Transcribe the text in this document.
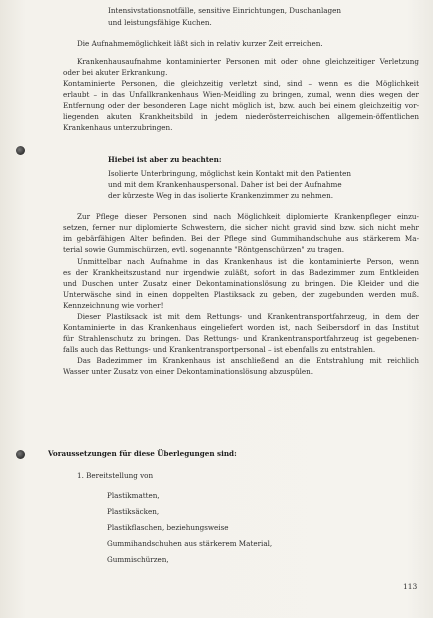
Intensivstationsnotfälle, sensitive Einrichtungen, Duschanlagen
und leistungsfähige Kuchen.
Die Aufnahmemöglichkeit läßt sich in relativ kurzer Zeit erreichen.
Krankenhausaufnahme kontaminierter Personen mit oder ohne gleichzeitiger Verletzung
oder bei akuter Erkrankung.
Kontaminierte Personen, die gleichzeitig verletzt sind, sind – wenn es die Möglichkeit
erlaubt – in das Unfallkrankenhaus Wien-Meidling zu bringen, zumal, wenn dies wegen der
Entfernung oder der besonderen Lage nicht möglich ist, bzw. auch bei einem gleichzeitig vor-
liegenden akuten Krankheitsbild in jedem niederösterreichischen allgemein-öffentlichen
Krankenhaus unterzubringen.
Hiebei ist aber zu beachten:
Isolierte Unterbringung, möglichst kein Kontakt mit den Patienten
und mit dem Krankenhauspersonal. Daher ist bei der Aufnahme
der kürzeste Weg in das isolierte Krankenzimmer zu nehmen.
Zur Pflege dieser Personen sind nach Möglichkeit diplomierte Krankenpfleger einzu-
setzen, ferner nur diplomierte Schwestern, die sicher nicht gravid sind bzw. sich nicht mehr
im gebärfähigen Alter befinden. Bei der Pflege sind Gummihandschuhe aus stärkerem Ma-
terial sowie Gummischürzen, evtl. sogenannte "Röntgenschürzen" zu tragen.
Unmittelbar nach Aufnahme in das Krankenhaus ist die kontaminierte Person, wenn
es der Krankheitszustand nur irgendwie zuläßt, sofort in das Badezimmer zum Entkleiden
und Duschen unter Zusatz einer Dekontaminationslösung zu bringen. Die Kleider und die
Unterwäsche sind in einen doppelten Plastiksack zu geben, der zugebunden werden muß.
Kennzeichnung wie vorher!
Dieser Plastiksack ist mit dem Rettungs- und Krankentransportfahrzeug, in dem der
Kontaminierte in das Krankenhaus eingeliefert worden ist, nach Seibersdorf in das Institut
für Strahlenschutz zu bringen. Das Rettungs- und Krankentransportfahrzeug ist gegebenen-
falls auch das Rettungs- und Krankentransportpersonal – ist ebenfalls zu entstrahlen.
Das Badezimmer im Krankenhaus ist anschließend an die Entstrahlung mit reichlich
Wasser unter Zusatz von einer Dekontaminationslösung abzuspülen.
Voraussetzungen für diese Überlegungen sind:
1. Bereitstellung von
Plastikmatten,
Plastiksäcken,
Plastikflaschen, beziehungsweise
Gummihandschuhen aus stärkerem Material,
Gummischürzen,
113
